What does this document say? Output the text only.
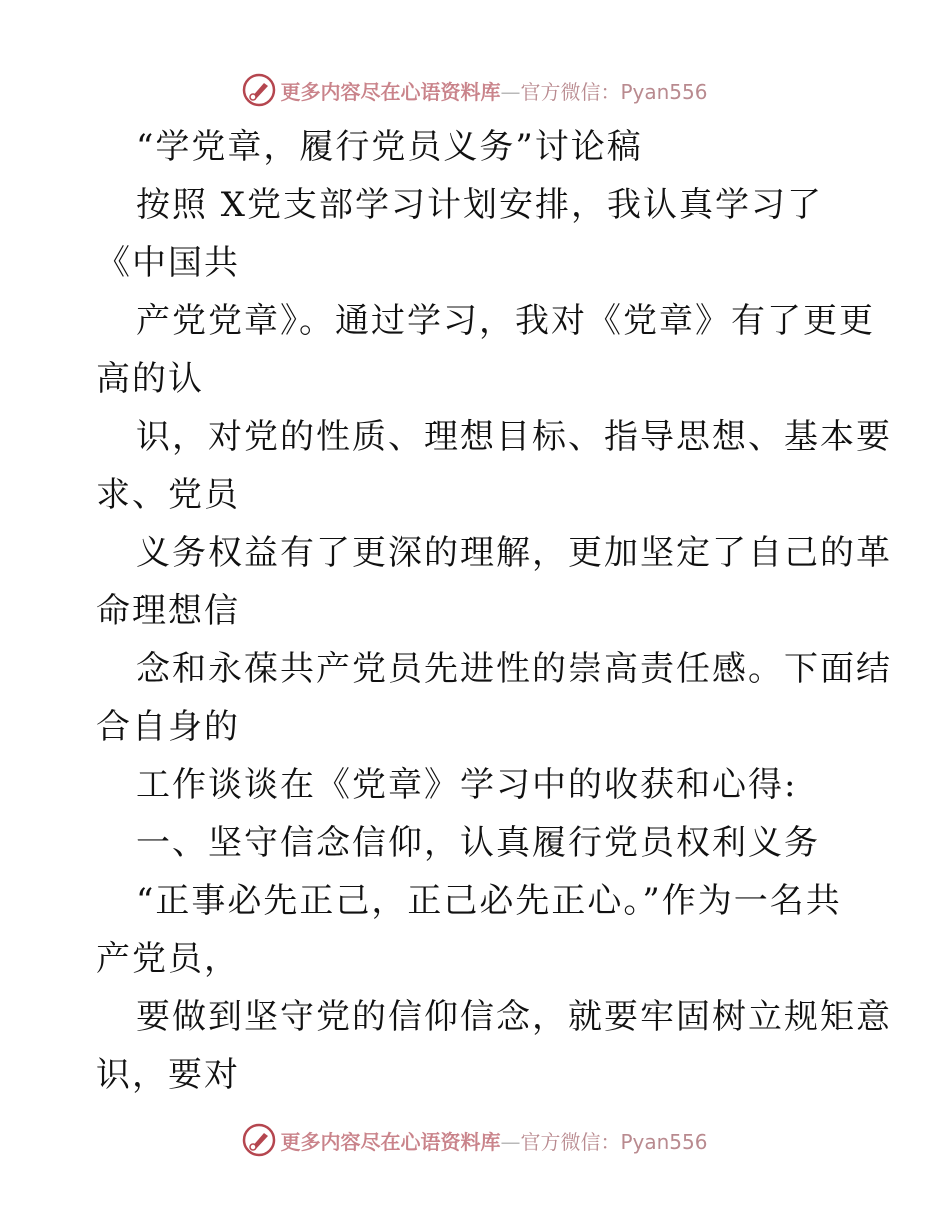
更多内容尽在心语资料库—官方微信：Pyan556
“学党章，履行党员义务”讨论稿
按照 X党支部学习计划安排，我认真学习了
《中国共
产党党章》。通过学习，我对《党章》有了更更
高的认
识，对党的性质、理想目标、指导思想、基本要
求、党员
义务权益有了更深的理解，更加坚定了自己的革
命理想信
念和永葆共产党员先进性的崇高责任感。下面结
合自身的
工作谈谈在《党章》学习中的收获和心得:
一、坚守信念信仰，认真履行党员权利义务
“正事必先正己，正己必先正心。”作为一名共
产党员，
要做到坚守党的信仰信念，就要牢固树立规矩意
识，要对
更多内容尽在心语资料库—官方微信：Pyan556
